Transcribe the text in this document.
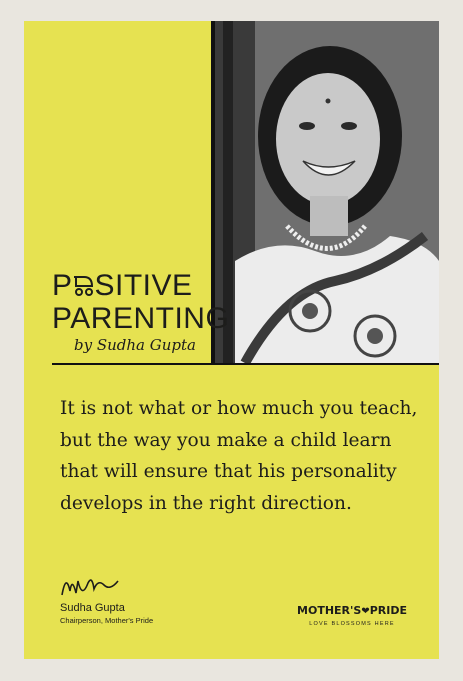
P SITIVE
PARENTING
by Sudha Gupta
It is not what or how much you teach, but the way you make a child learn that will ensure that his personality develops in the right direction.
Sudha Gupta
Chairperson, Mother's Pride
MOTHER'S❤PRIDE
LOVE BLOSSOMS HERE
